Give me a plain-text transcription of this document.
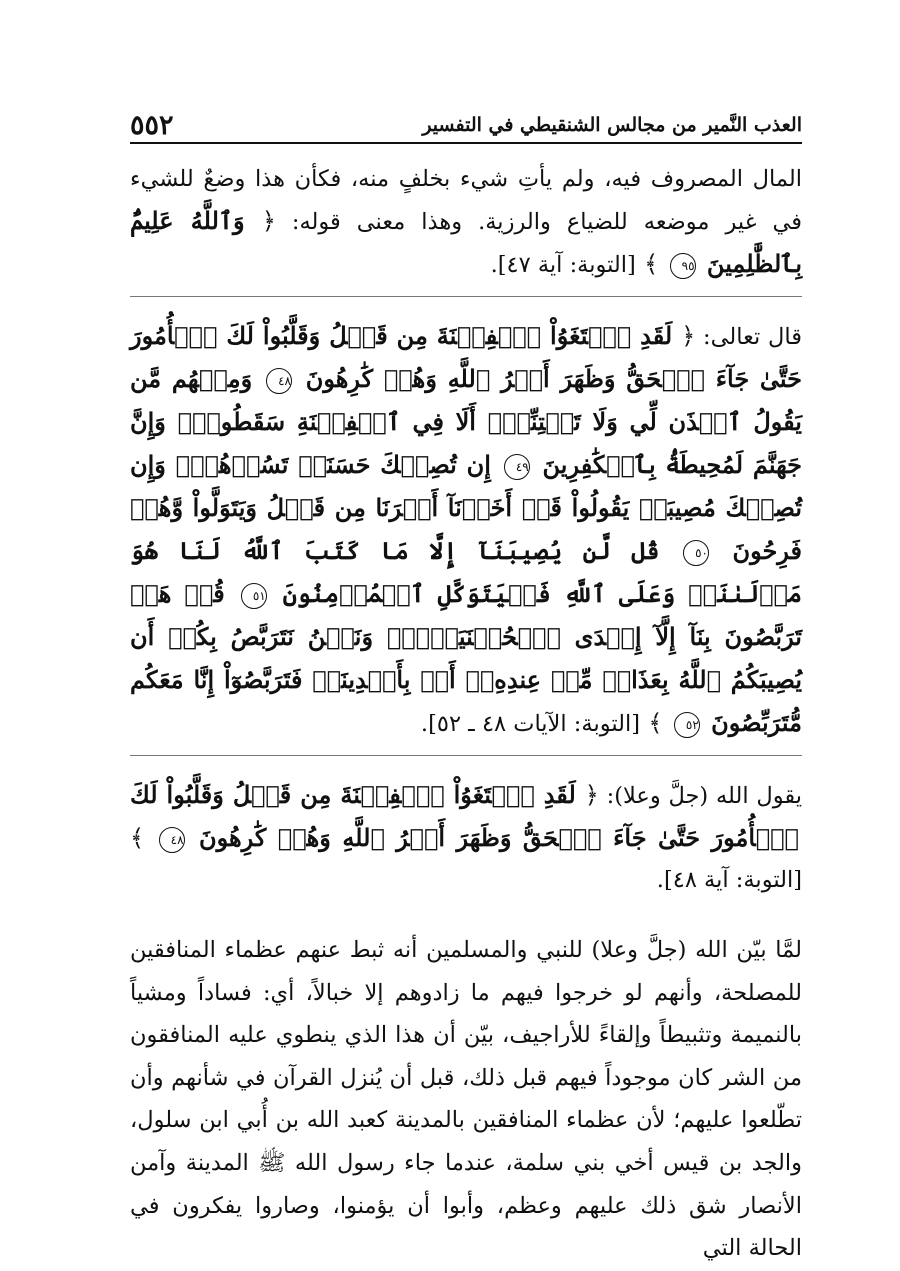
العذب النَّمير من مجالس الشنقيطي في التفسير
٥٥٢

المال المصروف فيه، ولم يأتِ شيء بخلفٍ منه، فكأن هذا وضعٌ للشيء في غير موضعه للضياع والرزية. وهذا معنى قوله: ﴿ وَٱللَّهُ عَلِيمٌۢ بِٱلظَّٰلِمِينَ ٩٥ ﴾ [التوبة: آية ٤٧].

قال تعالى: ﴿ لَقَدِ ٱبۡتَغَوُاْ ٱلۡفِتۡنَةَ مِن قَبۡلُ وَقَلَّبُواْ لَكَ ٱلۡأُمُورَ حَتَّىٰ جَآءَ ٱلۡحَقُّ وَظَهَرَ أَمۡرُ ٱللَّهِ وَهُمۡ كَٰرِهُونَ ٤٨ وَمِنۡهُم مَّن يَقُولُ ٱئۡذَن لِّي وَلَا تَفۡتِنِّيٓۚ أَلَا فِي ٱلۡفِتۡنَةِ سَقَطُواْۗ وَإِنَّ جَهَنَّمَ لَمُحِيطَةُۢ بِٱلۡكَٰفِرِينَ ٤٩ إِن تُصِبۡكَ حَسَنَةٞ تَسُؤۡهُمۡۖ وَإِن تُصِبۡكَ مُصِيبَةٞ يَقُولُواْ قَدۡ أَخَذۡنَآ أَمۡرَنَا مِن قَبۡلُ وَيَتَوَلَّواْ وَّهُمۡ فَرِحُونَ ٥٠ قُل لَّن يُصِيبَنَآ إِلَّا مَا كَتَبَ ٱللَّهُ لَنَا هُوَ مَوۡلَىٰنَاۚ وَعَلَى ٱللَّهِ فَلۡيَتَوَكَّلِ ٱلۡمُؤۡمِنُونَ ٥١ قُلۡ هَلۡ تَرَبَّصُونَ بِنَآ إِلَّآ إِحۡدَى ٱلۡحُسۡنَيَيۡنِۖ وَنَحۡنُ نَتَرَبَّصُ بِكُمۡ أَن يُصِيبَكُمُ ٱللَّهُ بِعَذَابٖ مِّنۡ عِندِهِۦٓ أَوۡ بِأَيۡدِينَاۖ فَتَرَبَّصُوٓاْ إِنَّا مَعَكُم مُّتَرَبِّصُونَ ٥٢ ﴾ [التوبة: الآيات ٤٨ ـ ٥٢].

يقول الله (جلَّ وعلا): ﴿ لَقَدِ ٱبۡتَغَوُاْ ٱلۡفِتۡنَةَ مِن قَبۡلُ وَقَلَّبُواْ لَكَ ٱلۡأُمُورَ حَتَّىٰ جَآءَ ٱلۡحَقُّ وَظَهَرَ أَمۡرُ ٱللَّهِ وَهُمۡ كَٰرِهُونَ ٤٨ ﴾ [التوبة: آية ٤٨].

لمَّا بيّن الله (جلَّ وعلا) للنبي والمسلمين أنه ثبط عنهم عظماء المنافقين للمصلحة، وأنهم لو خرجوا فيهم ما زادوهم إلا خبالاً، أي: فساداً ومشياً بالنميمة وتثبيطاً وإلقاءً للأراجيف، بيّن أن هذا الذي ينطوي عليه المنافقون من الشر كان موجوداً فيهم قبل ذلك، قبل أن يُنزل القرآن في شأنهم وأن تطّلعوا عليهم؛ لأن عظماء المنافقين بالمدينة كعبد الله بن أُبي ابن سلول، والجد بن قيس أخي بني سلمة، عندما جاء رسول الله ﷺ المدينة وآمن الأنصار شق ذلك عليهم وعظم، وأبوا أن يؤمنوا، وصاروا يفكرون في الحالة التي
